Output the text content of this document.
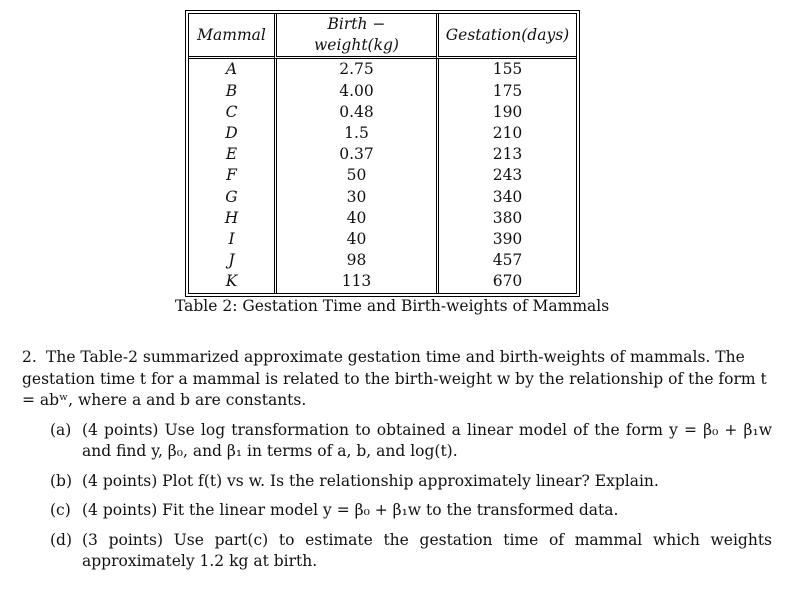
Mammal	Birth − weight(kg)	Gestation(days)
A	2.75	155
B	4.00	175
C	0.48	190
D	1.5	210
E	0.37	213
F	50	243
G	30	340
H	40	380
I	40	390
J	98	457
K	113	670
Table 2: Gestation Time and Birth-weights of Mammals
2. The Table-2 summarized approximate gestation time and birth-weights of mammals. The gestation time t for a mammal is related to the birth-weight w by the relationship of the form t = abʷ, where a and b are constants.
(a) (4 points) Use log transformation to obtained a linear model of the form y = β₀ + β₁w and find y, β₀, and β₁ in terms of a, b, and log(t).
(b) (4 points) Plot f(t) vs w. Is the relationship approximately linear? Explain.
(c) (4 points) Fit the linear model y = β₀ + β₁w to the transformed data.
(d) (3 points) Use part(c) to estimate the gestation time of mammal which weights approximately 1.2 kg at birth.
